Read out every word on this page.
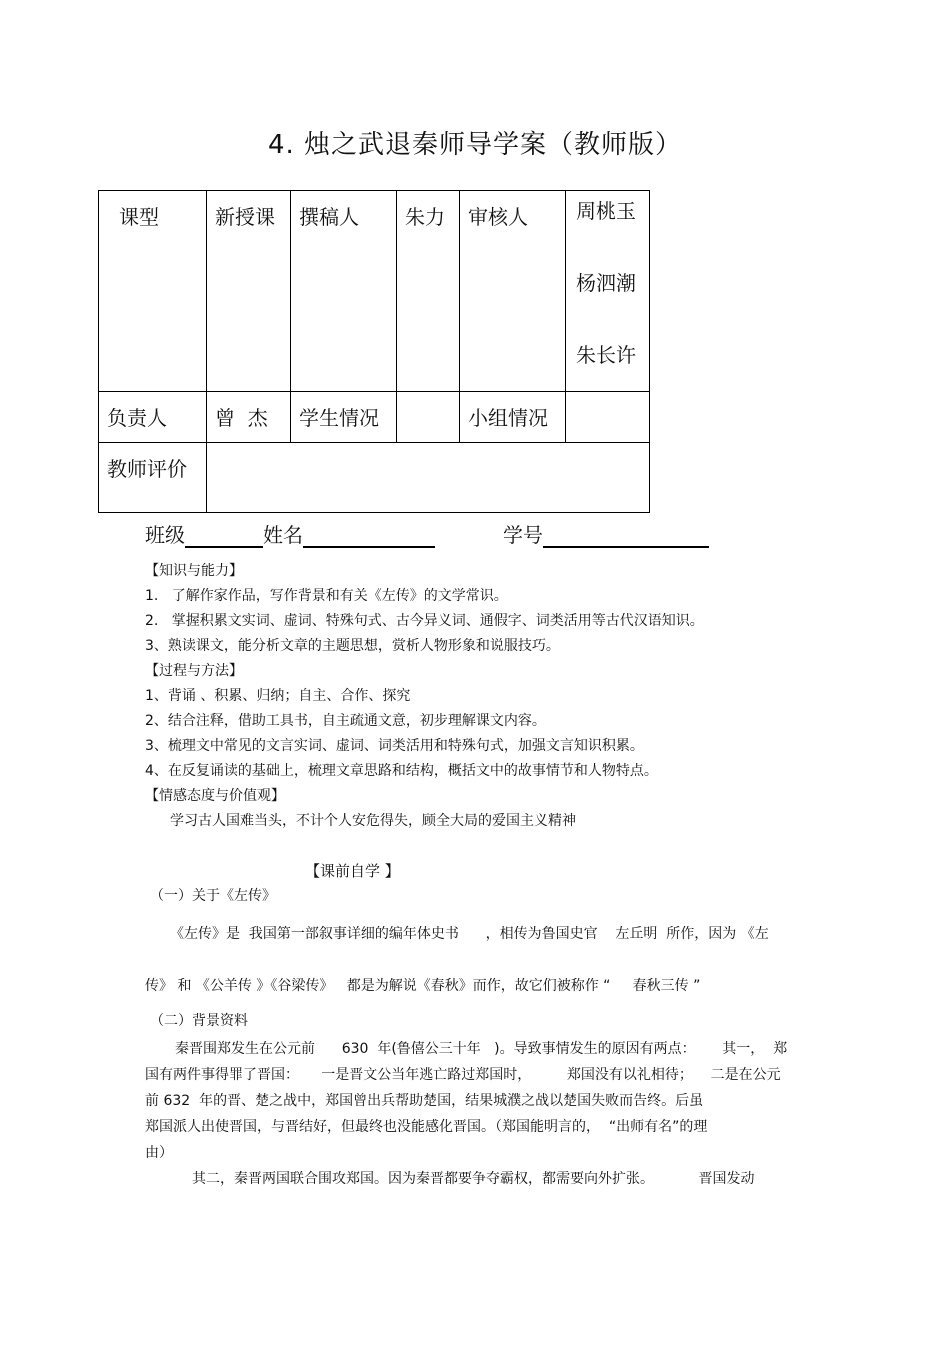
4. 烛之武退秦师导学案（教师版）
课型	新授课	撰稿人	朱力	审核人	周桃玉
杨泗潮
朱长许

负责人	曾  杰	学生情况		小组情况	

教师评价					

班级	姓名	学号
【知识与能力】
1.   了解作家作品，写作背景和有关《左传》的文学常识。
2.   掌握积累文实词、虚词、特殊句式、古今异义词、通假字、词类活用等古代汉语知识。
3、熟读课文，能分析文章的主题思想，赏析人物形象和说服技巧。
【过程与方法】
1、背诵 、积累、归纳；自主、合作、探究
2、结合注释，借助工具书，自主疏通文意，初步理解课文内容。
3、梳理文中常见的文言实词、虚词、词类活用和特殊句式，加强文言知识积累。
4、在反复诵读的基础上，梳理文章思路和结构，概括文中的故事情节和人物特点。
【情感态度与价值观】
学习古人国难当头，不计个人安危得失，顾全大局的爱国主义精神
【课前自学 】
（一）关于《左传》
《左传》是  我国第一部叙事详细的编年体史书      ，相传为鲁国史官    左丘明  所作，因为 《左
传》 和 《公羊传 》《谷梁传》   都是为解说《春秋》而作，故它们被称作 “     春秋三传 ”
（二）背景资料
秦晋围郑发生在公元前      630  年(鲁僖公三十年   )。导致事情发生的原因有两点：      其一，  郑
国有两件事得罪了晋国：     一是晋文公当年逃亡路过郑国时，        郑国没有以礼相待；    二是在公元
前 632  年的晋、楚之战中，郑国曾出兵帮助楚国，结果城濮之战以楚国失败而告终。后虽
郑国派人出使晋国，与晋结好，但最终也没能感化晋国。（郑国能明言的，  “出师有名”的理
由）
其二，秦晋两国联合围攻郑国。因为秦晋都要争夺霸权，都需要向外扩张。          晋国发动
